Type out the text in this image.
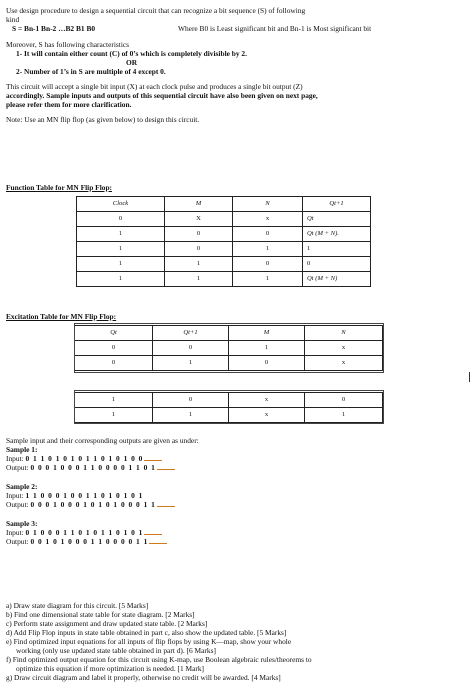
Use design procedure to design a sequential circuit that can recognize a bit sequence (S) of following
kind
S = Bn-1 Bn-2 …B2 B1 B0	Where B0 is Least significant bit and Bn-1 is Most significant bit
Moreover, S has following characteristics
1- It will contain either count (C) of 0’s which is completely divisible by 2.
OR
2- Number of 1’s in S are multiple of 4 except 0.
This circuit will accept a single bit input (X) at each clock pulse and produces a single bit output (Z)
accordingly. Sample inputs and outputs of this sequential circuit have also been given on next page,
please refer them for more clarification.
Note: Use an MN flip flop (as given below) to design this circuit.
Function Table for MN Flip Flop:
Clock	M	N	Qt+1
0	X	x	Qt
1	0	0	Qt (M + N).
1	0	1	1
1	1	0	0
1	1	1	Qt (M + N)
Excitation Table for MN Flip Flop:
Qt	Qt+1	M	N
0	0	1	x
0	1	0	x
1	0	x	0
1	1	x	1
Sample input and their corresponding outputs are given as under:
Sample 1:
Input: 0 1 1 0 1 0 1 0 1 1 0 1 0 1 0 0
Output: 0 0 0 1 0 0 0 1 1 0 0 0 0 1 1 0 1
Sample 2:
Input: 1 1 0 0 0 1 0 0 1 1 0 1 0 1 0 1
Output: 0 0 0 1 0 0 0 1 0 1 0 1 0 0 0 1 1
Sample 3:
Input: 0 1 0 0 0 1 1 0 1 0 1 1 0 1 0 1
Output: 0 0 1 0 1 0 0 0 1 1 0 0 0 0 1 1
a) Draw state diagram for this circuit. [5 Marks]
b) Find one dimensional state table for state diagram. [2 Marks]
c) Perform state assignment and draw updated state table. [2 Marks]
d) Add Flip Flop inputs in state table obtained in part c, also show the updated table. [5 Marks]
e) Find optimized input equations for all inputs of flip flops by using K—map, show your whole
working (only use updated state table obtained in part d). [6 Marks]
f) Find optimized output equation for this circuit using K-map, use Boolean algebraic rules/theorems to
optimize this equation if more optimization is needed. [1 Mark]
g) Draw circuit diagram and label it properly, otherwise no credit will be awarded. [4 Marks]
